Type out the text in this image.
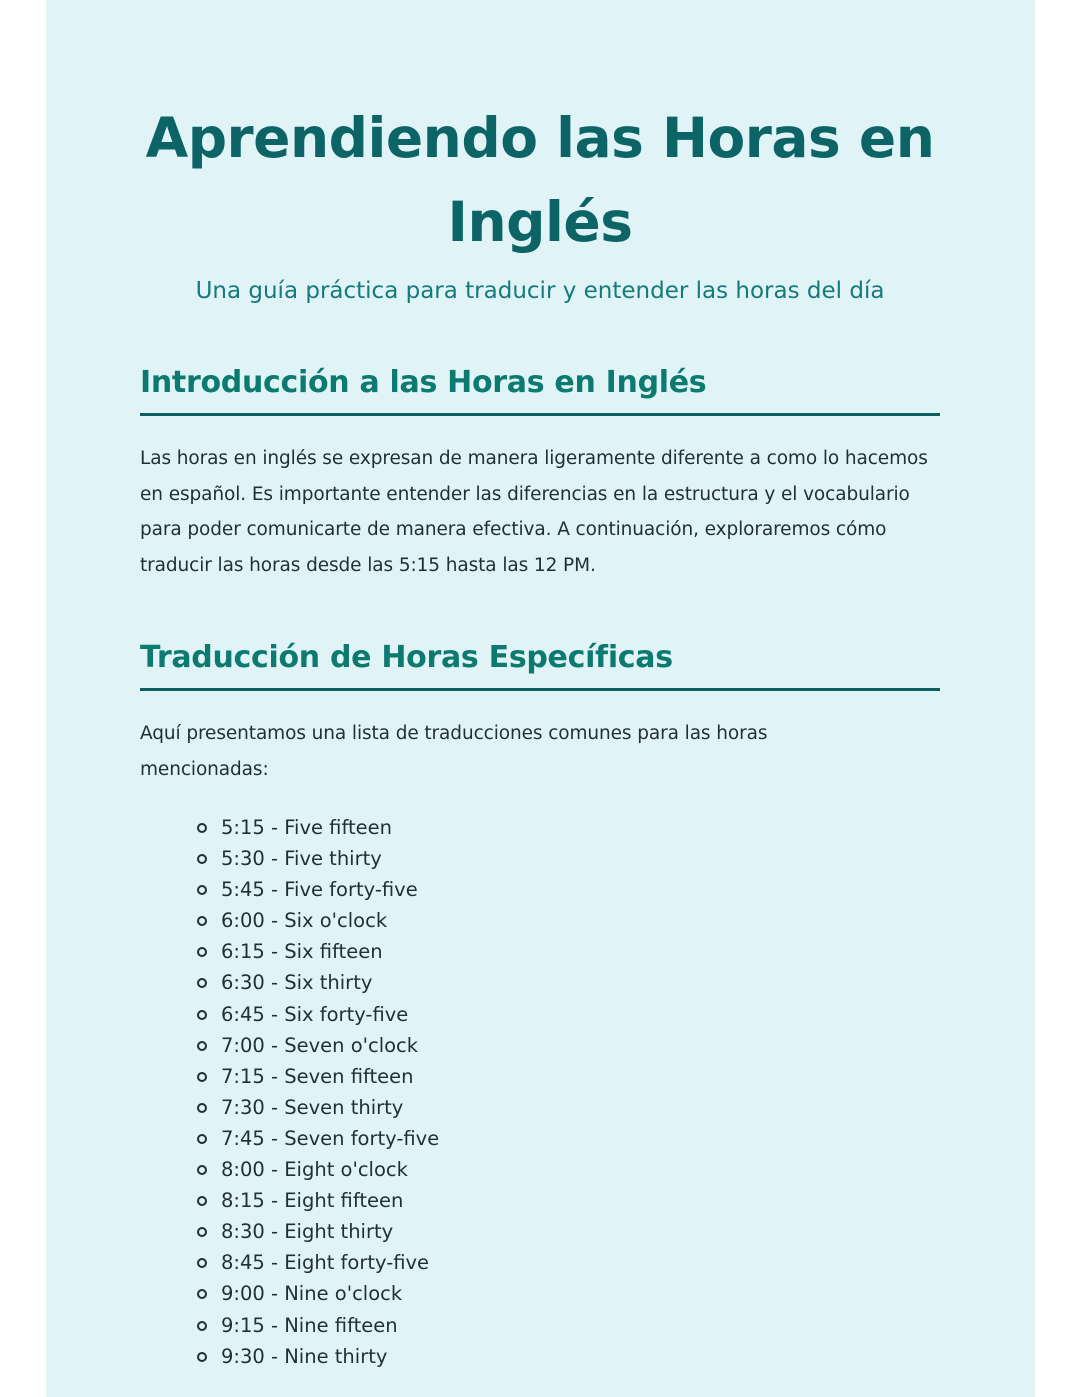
Aprendiendo las Horas en Inglés

Una guía práctica para traducir y entender las horas del día

Introducción a las Horas en Inglés

Las horas en inglés se expresan de manera ligeramente diferente a como lo hacemos en español. Es importante entender las diferencias en la estructura y el vocabulario para poder comunicarte de manera efectiva. A continuación, exploraremos cómo traducir las horas desde las 5:15 hasta las 12 PM.

Traducción de Horas Específicas

Aquí presentamos una lista de traducciones comunes para las horas mencionadas:

5:15 - Five fifteen
5:30 - Five thirty
5:45 - Five forty-five
6:00 - Six o'clock
6:15 - Six fifteen
6:30 - Six thirty
6:45 - Six forty-five
7:00 - Seven o'clock
7:15 - Seven fifteen
7:30 - Seven thirty
7:45 - Seven forty-five
8:00 - Eight o'clock
8:15 - Eight fifteen
8:30 - Eight thirty
8:45 - Eight forty-five
9:00 - Nine o'clock
9:15 - Nine fifteen
9:30 - Nine thirty
